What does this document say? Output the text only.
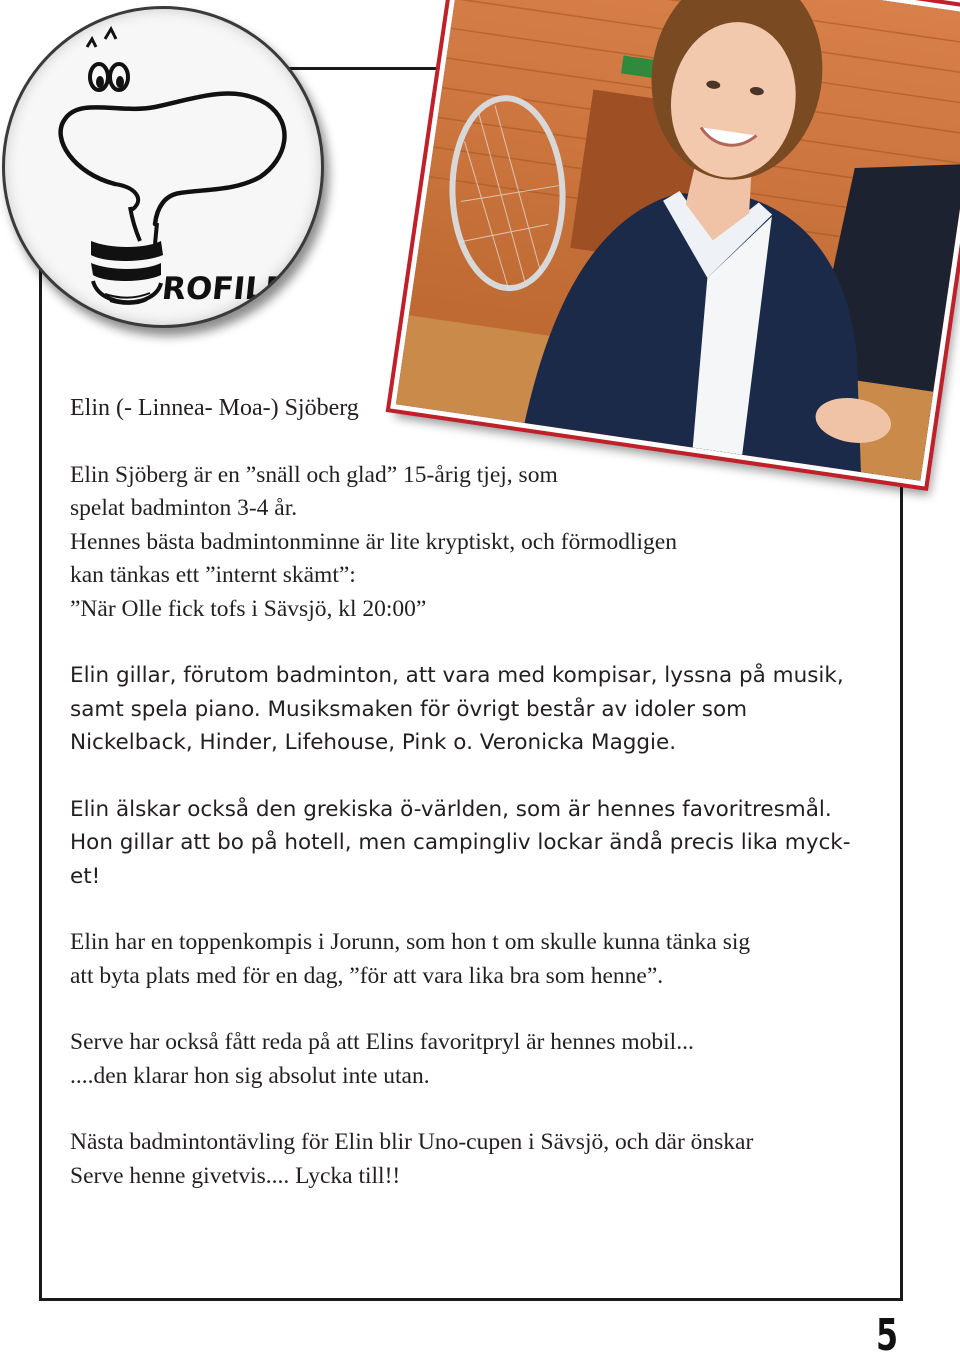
ROFILEN

Elin (- Linnea- Moa-) Sjöberg

Elin Sjöberg är en ”snäll och glad” 15-årig tjej, som

spelat badminton 3-4 år.

Hennes bästa badmintonminne är lite kryptiskt, och förmodligen

kan tänkas ett ”internt skämt”:

”När Olle fick tofs i Sävsjö, kl 20:00”

Elin gillar, förutom badminton, att vara med kompisar, lyssna på musik,

samt spela piano. Musiksmaken för övrigt består av idoler som

Nickelback, Hinder, Lifehouse, Pink o. Veronicka Maggie.

Elin älskar också den grekiska ö-världen, som är hennes favoritresmål.

Hon gillar att bo på hotell, men campingliv lockar ändå precis lika myck-

et!

Elin har en toppenkompis i Jorunn, som hon t om skulle kunna tänka sig

att byta plats med för en dag, ”för att vara lika bra som henne”.

Serve har också fått reda på att Elins favoritpryl är hennes mobil...

....den klarar hon sig absolut inte utan.

Nästa badmintontävling för Elin blir Uno-cupen i Sävsjö, och där önskar

Serve henne givetvis.... Lycka till!!

5
